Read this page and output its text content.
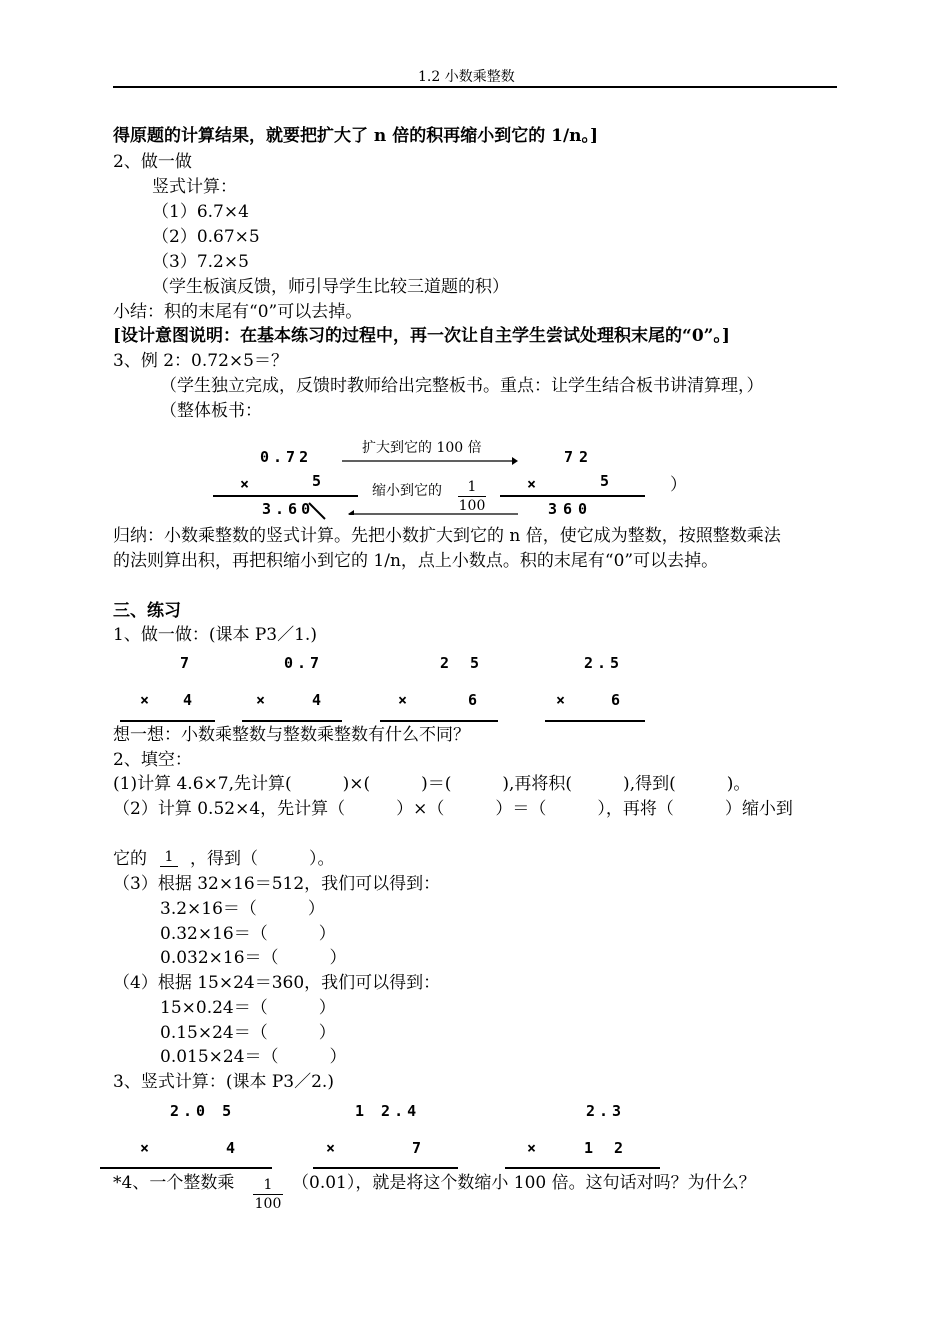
1.2 小数乘整数
得原题的计算结果，就要把扩大了 n 倍的积再缩小到它的 1/n。]
2、做一做
竖式计算：
（1）6.7×4
（2）0.67×5
（3）7.2×5
（学生板演反馈，师引导学生比较三道题的积）
小结：积的末尾有“0”可以去掉。
[设计意图说明：在基本练习的过程中，再一次让自主学生尝试处理积末尾的“0”。]
3、例 2：0.72×5＝？
（学生独立完成，反馈时教师给出完整板书。重点：让学生结合板书讲清算理，）
（整体板书：
0.72
×	5
3.60
扩大到它的 100 倍
缩小到它的	1
100
72
×	5
360
）
归纳：小数乘整数的竖式计算。先把小数扩大到它的 n 倍，使它成为整数，按照整数乘法
的法则算出积，再把积缩小到它的 1/n，点上小数点。积的末尾有“0”可以去掉。
三、练习
1、做一做：(课本 P3／1.)
7
× 4
0.7
×	4
2 5
×	6
2.5
×	6
想一想：小数乘整数与整数乘整数有什么不同？
2、填空：
(1)计算 4.6×7,先计算(　　　)×(　　　)＝(　　　),再将积(　　　),得到(　　　)。
（2）计算 0.52×4，先计算（　　　）×（　　　）＝（　　　），再将（　　　）缩小到
它的	1 ，得到（　　　）。
（3）根据 32×16＝512，我们可以得到：
3.2×16＝（　　　）
0.32×16＝（　　　）
0.032×16＝（　　　）
（4）根据 15×24＝360，我们可以得到：
15×0.24＝（　　　）
0.15×24＝（　　　）
0.015×24＝（　　　）
3、竖式计算：(课本 P3／2.)
2.0 5
×	4
1 2.4
×	7
2.3
×	1 2
*4、一个整数乘	1
100
（0.01），就是将这个数缩小 100 倍。这句话对吗？为什么？
